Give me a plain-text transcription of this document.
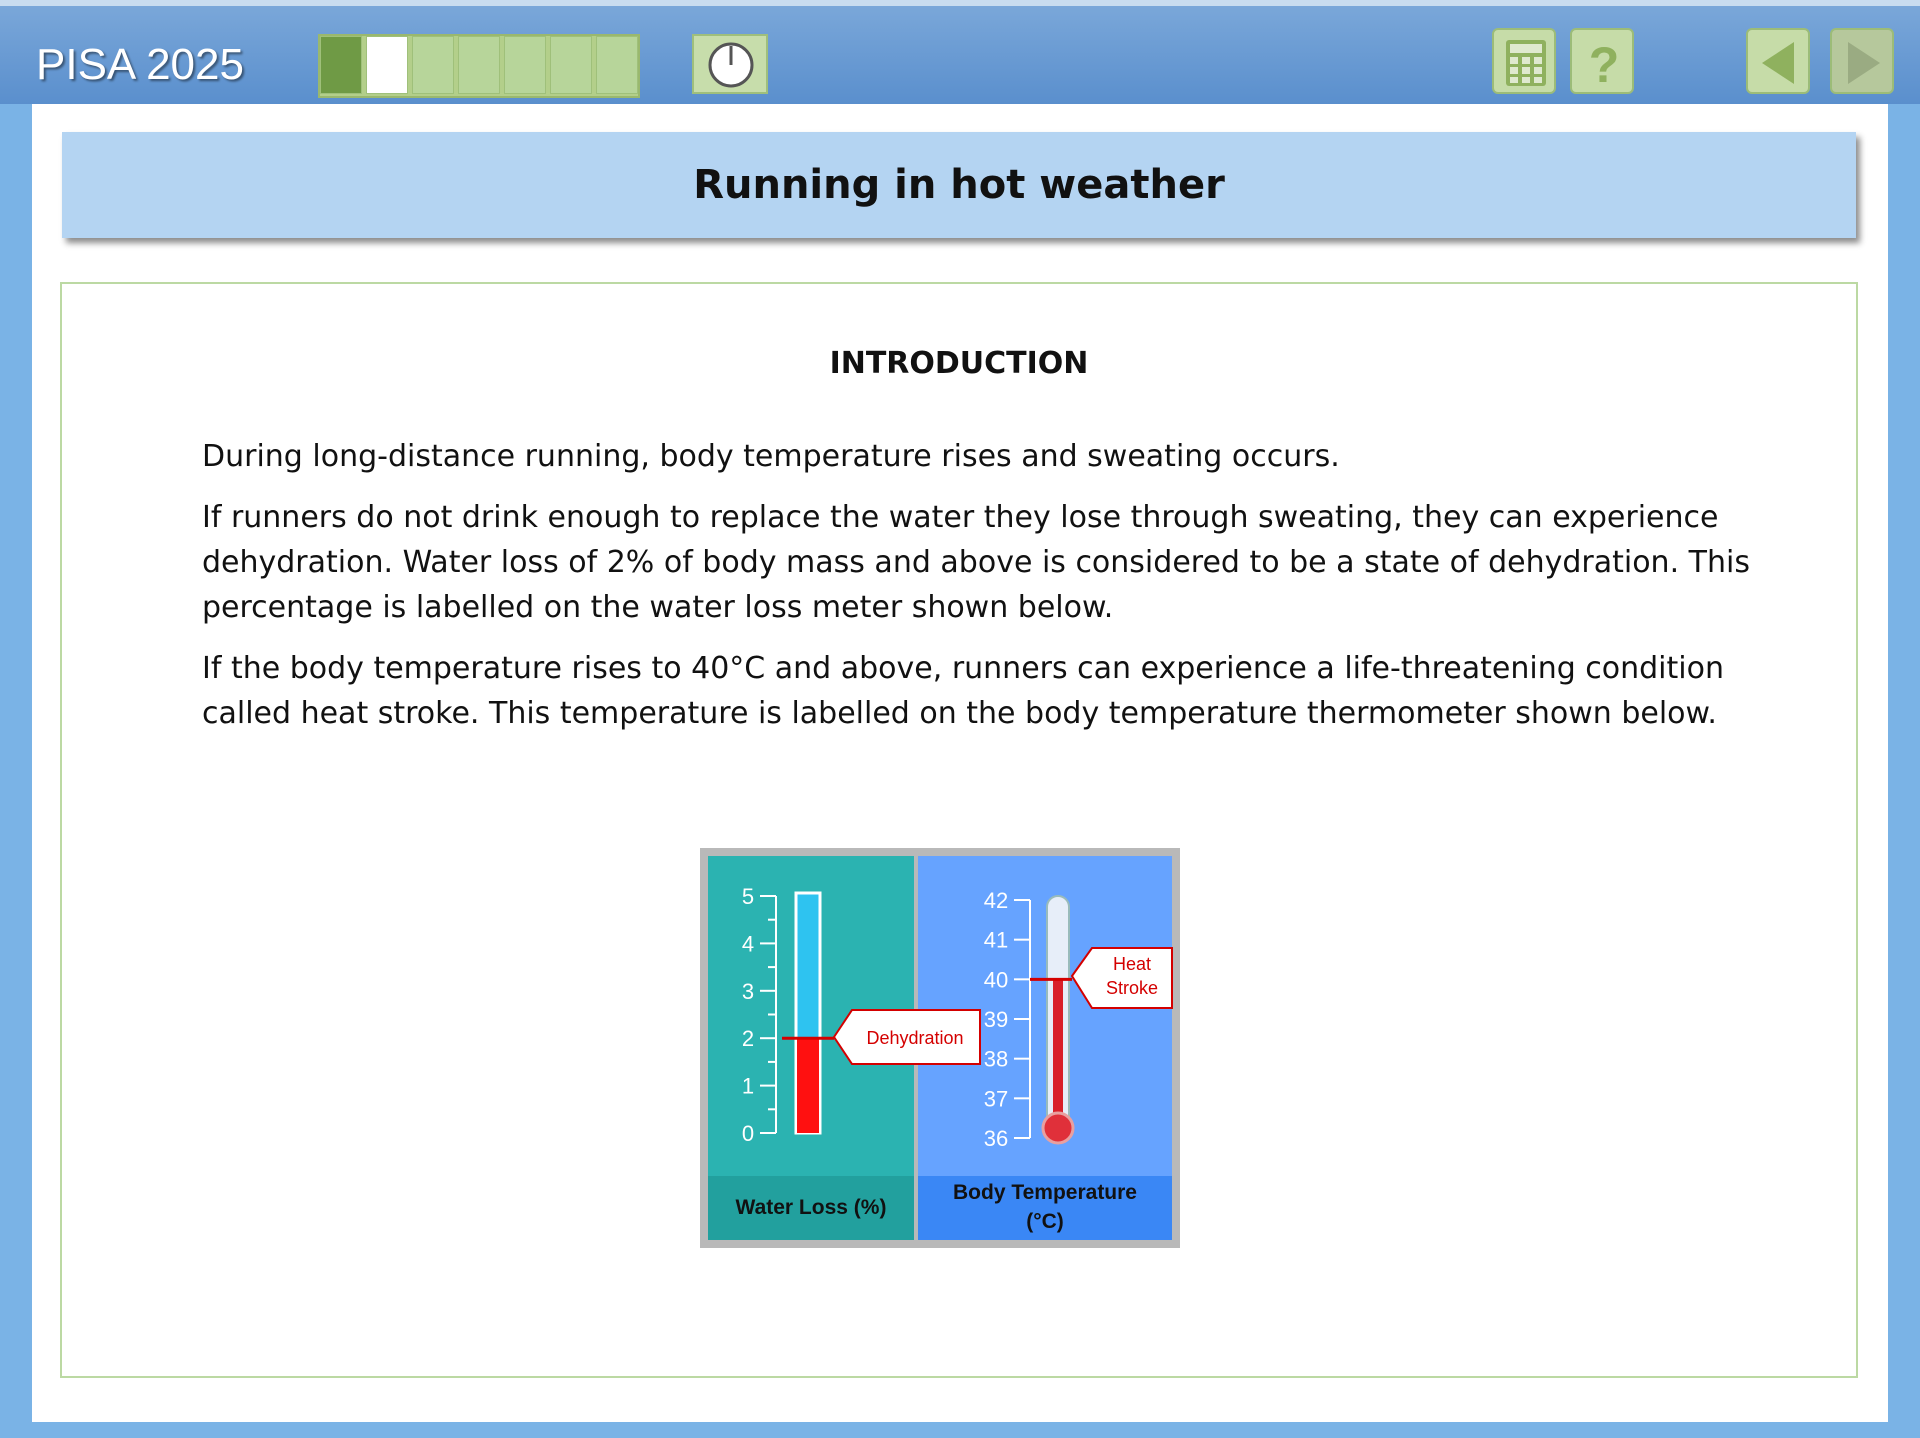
PISA 2025	?
Running in hot weather
INTRODUCTION

During long-distance running, body temperature rises and sweating occurs.

If runners do not drink enough to replace the water they lose through sweating, they can experience dehydration. Water loss of 2% of body mass and above is considered to be a state of dehydration. This percentage is labelled on the water loss meter shown below.

If the body temperature rises to 40°C and above, runners can experience a life-threatening condition called heat stroke. This temperature is labelled on the body temperature thermometer shown below.

5
4
3
2
1
0
42
41
40
39
38
37
36
Dehydration
Heat
Stroke
Water Loss (%)
Body Temperature
(°C)
